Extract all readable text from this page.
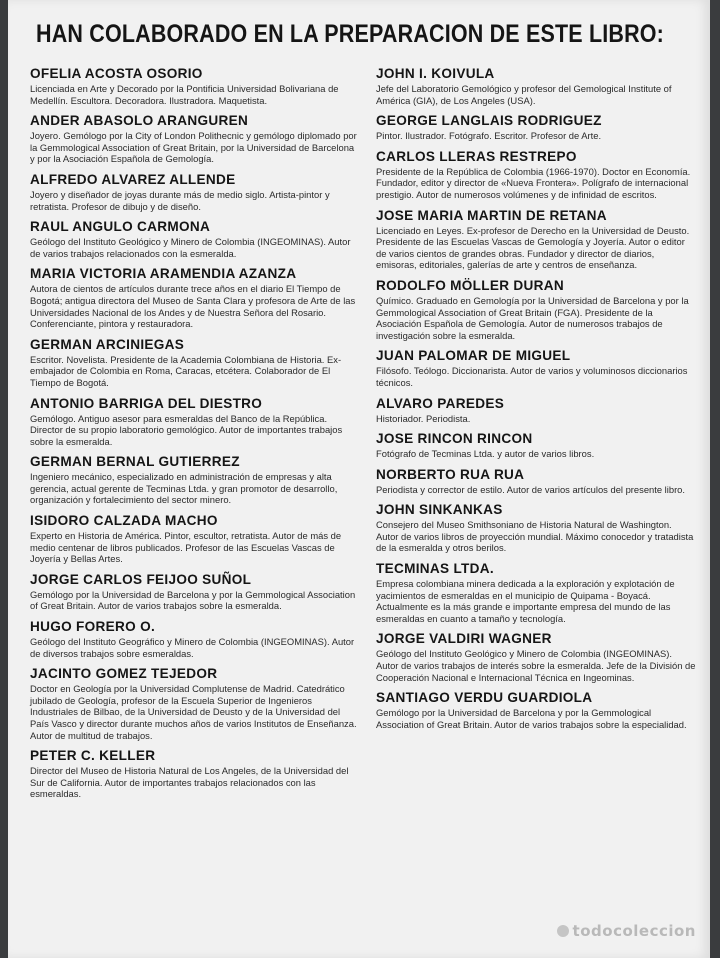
HAN COLABORADO EN LA PREPARACION DE ESTE LIBRO:
OFELIA ACOSTA OSORIO
Licenciada en Arte y Decorado por la Pontificia Universidad Bolivariana de Medellín. Escultora. Decoradora. Ilustradora. Maquetista.
ANDER ABASOLO ARANGUREN
Joyero. Gemólogo por la City of London Polithecnic y gemólogo diplomado por la Gemmological Association of Great Britain, por la Universidad de Barcelona y por la Asociación Española de Gemología.
ALFREDO ALVAREZ ALLENDE
Joyero y diseñador de joyas durante más de medio siglo. Artista-pintor y retratista. Profesor de dibujo y de diseño.
RAUL ANGULO CARMONA
Geólogo del Instituto Geológico y Minero de Colombia (INGEOMINAS). Autor de varios trabajos relacionados con la esmeralda.
MARIA VICTORIA ARAMENDIA AZANZA
Autora de cientos de artículos durante trece años en el diario El Tiempo de Bogotá; antigua directora del Museo de Santa Clara y profesora de Arte de las Universidades Nacional de los Andes y de Nuestra Señora del Rosario. Conferenciante, pintora y restauradora.
GERMAN ARCINIEGAS
Escritor. Novelista. Presidente de la Academia Colombiana de Historia. Ex-embajador de Colombia en Roma, Caracas, etcétera. Colaborador de El Tiempo de Bogotá.
ANTONIO BARRIGA DEL DIESTRO
Gemólogo. Antiguo asesor para esmeraldas del Banco de la República. Director de su propio laboratorio gemológico. Autor de importantes trabajos sobre la esmeralda.
GERMAN BERNAL GUTIERREZ
Ingeniero mecánico, especializado en administración de empresas y alta gerencia, actual gerente de Tecminas Ltda. y gran promotor de desarrollo, organización y fortalecimiento del sector minero.
ISIDORO CALZADA MACHO
Experto en Historia de América. Pintor, escultor, retratista. Autor de más de medio centenar de libros publicados. Profesor de las Escuelas Vascas de Joyería y Bellas Artes.
JORGE CARLOS FEIJOO SUÑOL
Gemólogo por la Universidad de Barcelona y por la Gemmological Association of Great Britain. Autor de varios trabajos sobre la esmeralda.
HUGO FORERO O.
Geólogo del Instituto Geográfico y Minero de Colombia (INGEOMINAS). Autor de diversos trabajos sobre esmeraldas.
JACINTO GOMEZ TEJEDOR
Doctor en Geología por la Universidad Complutense de Madrid. Catedrático jubilado de Geología, profesor de la Escuela Superior de Ingenieros Industriales de Bilbao, de la Universidad de Deusto y de la Universidad del País Vasco y director durante muchos años de varios Institutos de Enseñanza. Autor de multitud de trabajos.
PETER C. KELLER
Director del Museo de Historia Natural de Los Angeles, de la Universidad del Sur de California. Autor de importantes trabajos relacionados con las esmeraldas.
JOHN I. KOIVULA
Jefe del Laboratorio Gemológico y profesor del Gemological Institute of América (GIA), de Los Angeles (USA).
GEORGE LANGLAIS RODRIGUEZ
Pintor. Ilustrador. Fotógrafo. Escritor. Profesor de Arte.
CARLOS LLERAS RESTREPO
Presidente de la República de Colombia (1966-1970). Doctor en Economía. Fundador, editor y director de «Nueva Frontera». Polígrafo de internacional prestigio. Autor de numerosos volúmenes y de infinidad de escritos.
JOSE MARIA MARTIN DE RETANA
Licenciado en Leyes. Ex-profesor de Derecho en la Universidad de Deusto. Presidente de las Escuelas Vascas de Gemología y Joyería. Autor o editor de varios cientos de grandes obras. Fundador y director de diarios, emisoras, editoriales, galerías de arte y centros de enseñanza.
RODOLFO MÖLLER DURAN
Químico. Graduado en Gemología por la Universidad de Barcelona y por la Gemmological Association of Great Britain (FGA). Presidente de la Asociación Española de Gemología. Autor de numerosos trabajos de investigación sobre la esmeralda.
JUAN PALOMAR DE MIGUEL
Filósofo. Teólogo. Diccionarista. Autor de varios y voluminosos diccionarios técnicos.
ALVARO PAREDES
Historiador. Periodista.
JOSE RINCON RINCON
Fotógrafo de Tecminas Ltda. y autor de varios libros.
NORBERTO RUA RUA
Periodista y corrector de estilo. Autor de varios artículos del presente libro.
JOHN SINKANKAS
Consejero del Museo Smithsoniano de Historia Natural de Washington. Autor de varios libros de proyección mundial. Máximo conocedor y tratadista de la esmeralda y otros berilos.
TECMINAS LTDA.
Empresa colombiana minera dedicada a la exploración y explotación de yacimientos de esmeraldas en el municipio de Quipama - Boyacá. Actualmente es la más grande e importante empresa del mundo de las esmeraldas en cuanto a tamaño y tecnología.
JORGE VALDIRI WAGNER
Geólogo del Instituto Geológico y Minero de Colombia (INGEOMINAS). Autor de varios trabajos de interés sobre la esmeralda. Jefe de la División de Cooperación Nacional e Internacional Técnica en Ingeominas.
SANTIAGO VERDU GUARDIOLA
Gemólogo por la Universidad de Barcelona y por la Gemmological Association of Great Britain. Autor de varios trabajos sobre la especialidad.
todocoleccion
